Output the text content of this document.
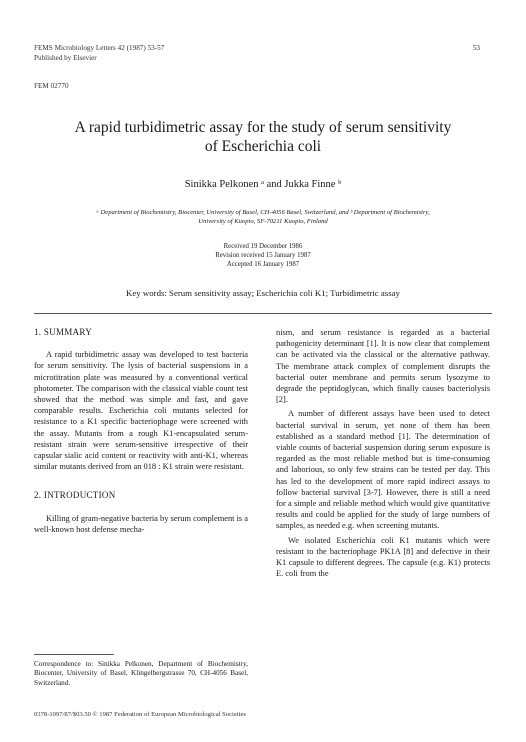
FEMS Microbiology Letters 42 (1987) 53-57
Published by Elsevier
53
FEM 02770
A rapid turbidimetric assay for the study of serum sensitivity
of Escherichia coli
Sinikka Pelkonen ᵃ and Jukka Finne ᵇ
ᵃ Department of Biochemistry, Biocenter, University of Basel, CH-4056 Basel, Switzerland, and ᵇ Department of Biochemistry,
University of Kuopio, SF-70211 Kuopio, Finland
Received 19 December 1986
Revision received 15 January 1987
Accepted 16 January 1987
Key words: Serum sensitivity assay; Escherichia coli K1; Turbidimetric assay
1. SUMMARY

A rapid turbidimetric assay was developed to test bacteria for serum sensitivity. The lysis of bacterial suspensions in a microtitration plate was measured by a conventional vertical photometer. The comparison with the classical viable count test showed that the method was simple and fast, and gave comparable results. Escherichia coli mutants selected for resistance to a K1 specific bacteriophage were screened with the assay. Mutants from a rough K1-encapsulated serum-resistant strain were serum-sensitive irrespective of their capsular sialic acid content or reactivity with anti-K1, whereas similar mutants derived from an 018 : K1 strain were resistant.

2. INTRODUCTION

Killing of gram-negative bacteria by serum complement is a well-known host defense mecha-

nism, and serum resistance is regarded as a bacterial pathogenicity determinant [1]. It is now clear that complement can be activated via the classical or the alternative pathway. The membrane attack complex of complement disrupts the bacterial outer membrane and permits serum lysozyme to degrade the peptidoglycan, which finally causes bacteriolysis [2].

A number of different assays have been used to detect bacterial survival in serum, yet none of them has been established as a standard method [1]. The determination of viable counts of bacterial suspension during serum exposure is regarded as the most reliable method but is time-consuming and laborious, so only few strains can be tested per day. This has led to the development of more rapid indirect assays to follow bacterial survival [3-7]. However, there is still a need for a simple and reliable method which would give quantitative results and could be applied for the study of large numbers of samples, as needed e.g. when screening mutants.

We isolated Escherichia coli K1 mutants which were resistant to the bacteriophage PK1A [8] and defective in their K1 capsule to different degrees. The capsule (e.g. K1) protects E. coli from the

Correspondence to: Sinikka Pelkonen, Department of Biochemistry, Biocenter, University of Basel, Klingelbergstrasse 70, CH-4056 Basel, Switzerland.
0378-1097/87/$03.50 © 1987 Federation of European Microbiological Societies
